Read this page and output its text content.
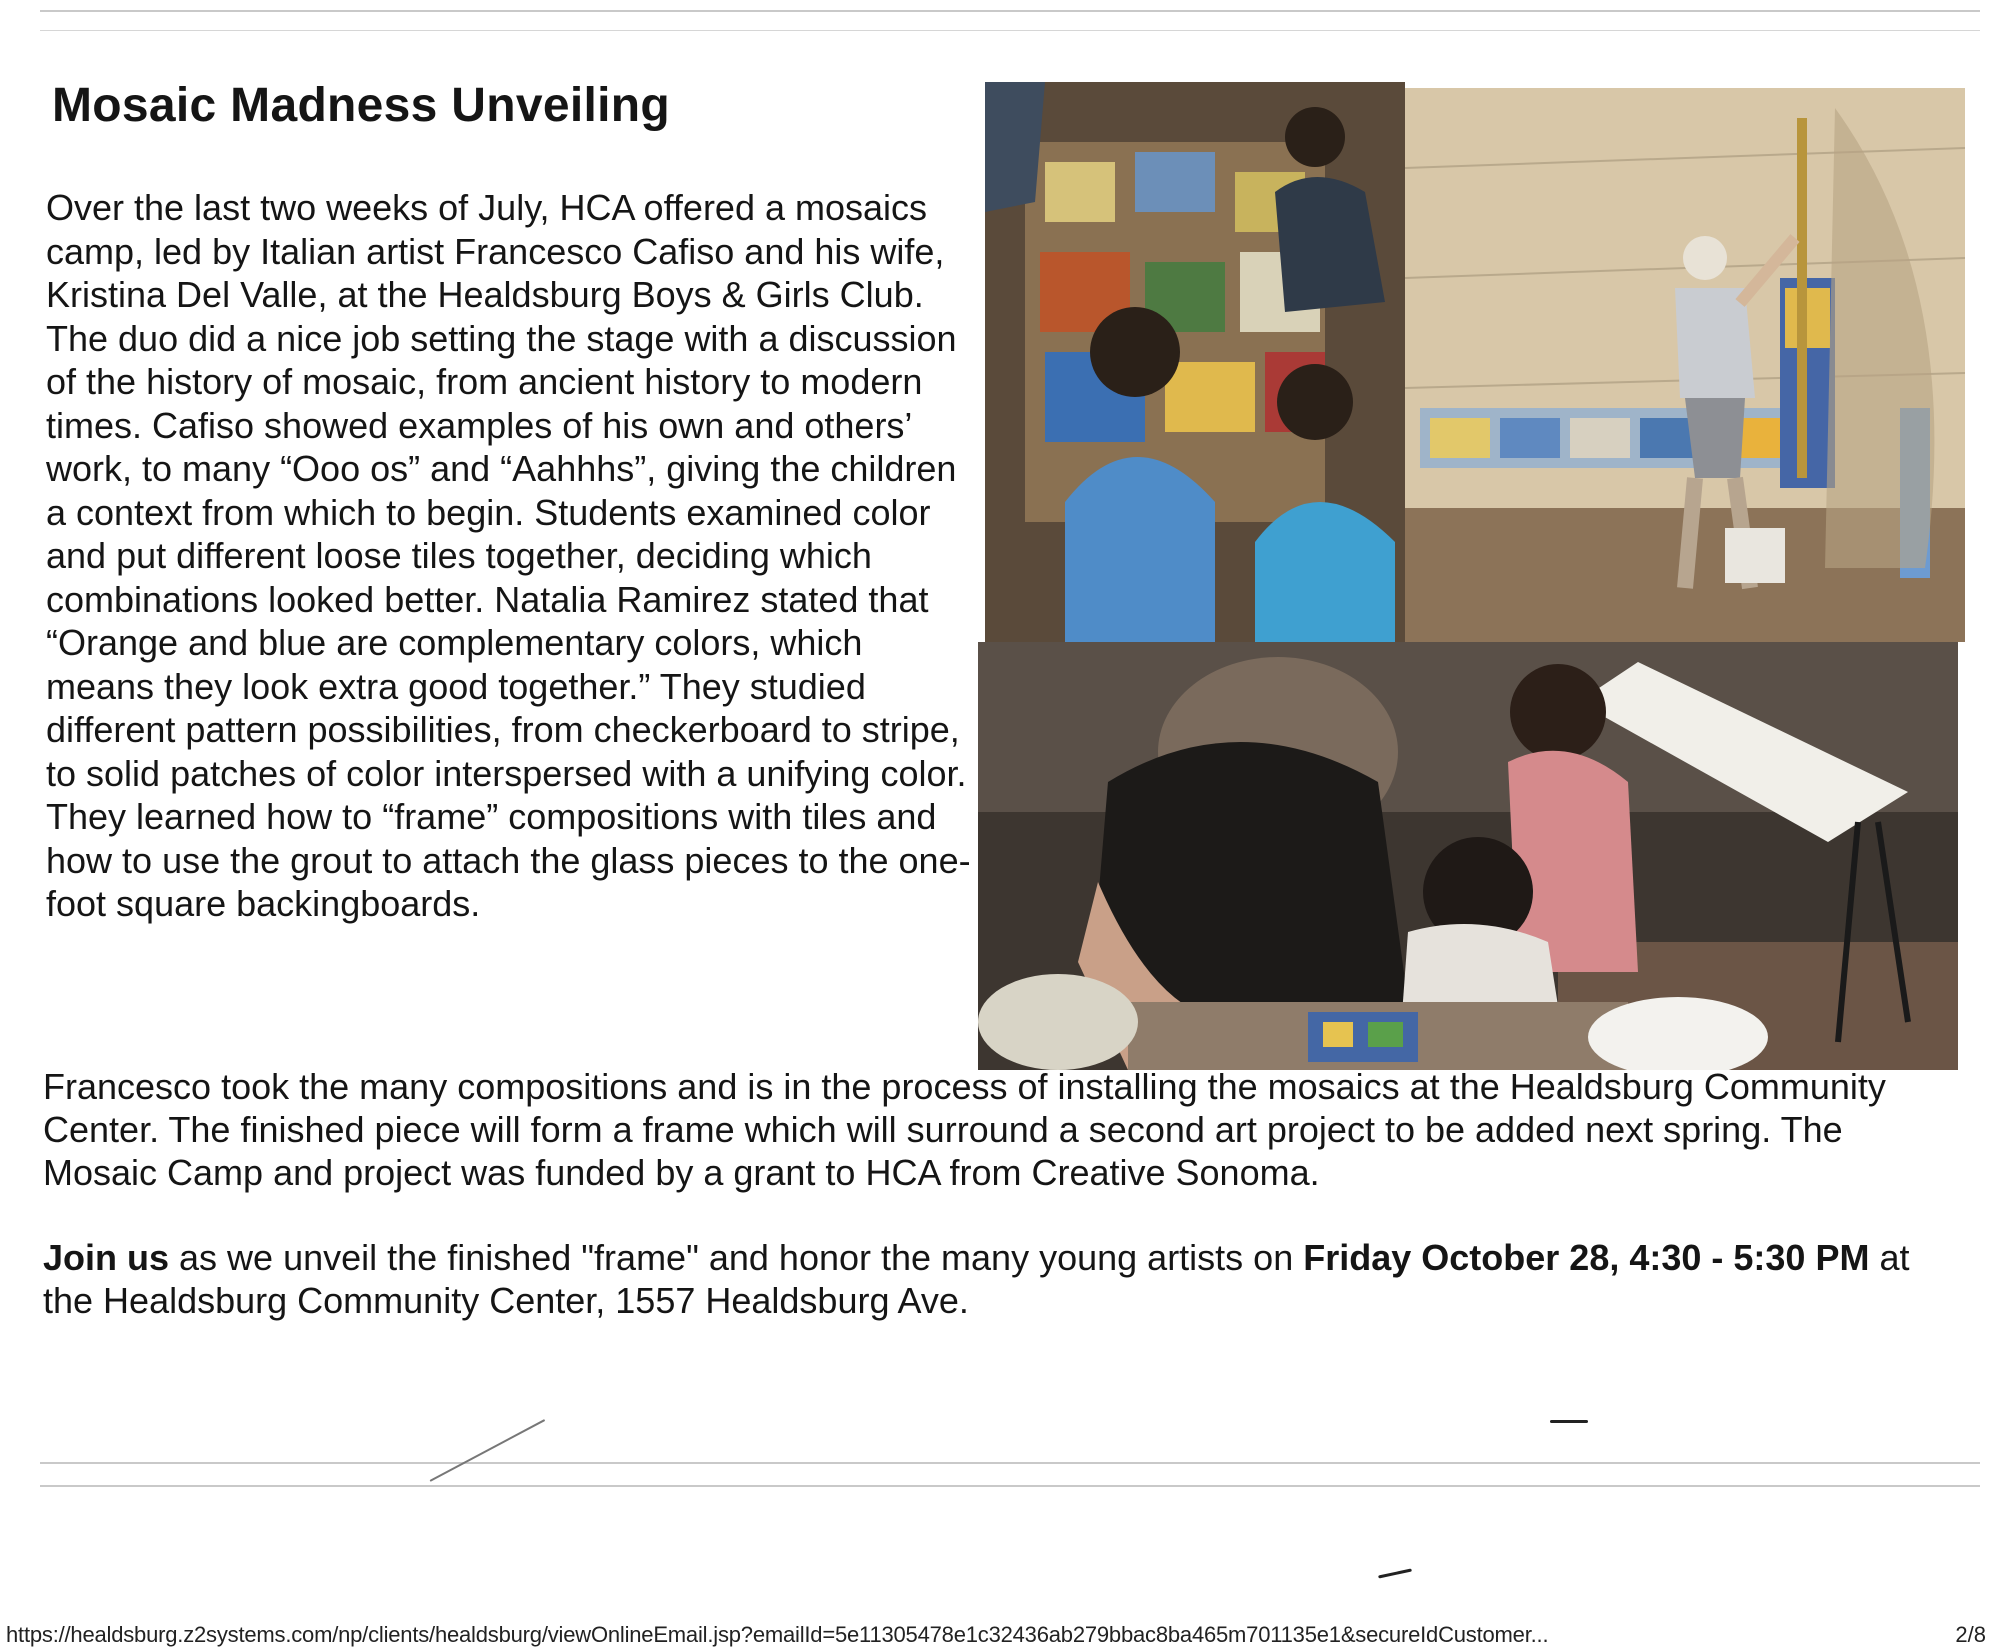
Mosaic Madness Unveiling

Over the last two weeks of July, HCA offered a mosaics camp, led by Italian artist Francesco Cafiso and his wife, Kristina Del Valle, at the Healdsburg Boys & Girls Club. The duo did a nice job setting the stage with a discussion of the history of mosaic, from ancient history to modern times. Cafiso showed examples of his own and others’ work, to many “Ooo os” and “Aahhhs”, giving the children a context from which to begin. Students examined color and put different loose tiles together, deciding which combinations looked better. Natalia Ramirez stated that “Orange and blue are complementary colors, which means they look extra good together.” They studied different pattern possibilities, from checkerboard to stripe, to solid patches of color interspersed with a unifying color. They learned how to “frame” compositions with tiles and how to use the grout to attach the glass pieces to the one-foot square backingboards.

Francesco took the many compositions and is in the process of installing the mosaics at the Healdsburg Community Center. The finished piece will form a frame which will surround a second art project to be added next spring. The Mosaic Camp and project was funded by a grant to HCA from Creative Sonoma.

Join us as we unveil the finished "frame" and honor the many young artists on Friday October 28, 4:30 - 5:30 PM at the Healdsburg Community Center, 1557 Healdsburg Ave.

https://healdsburg.z2systems.com/np/clients/healdsburg/viewOnlineEmail.jsp?emailId=5e11305478e1c32436ab279bbac8ba465m701135e1&secureIdCustomer...	2/8
